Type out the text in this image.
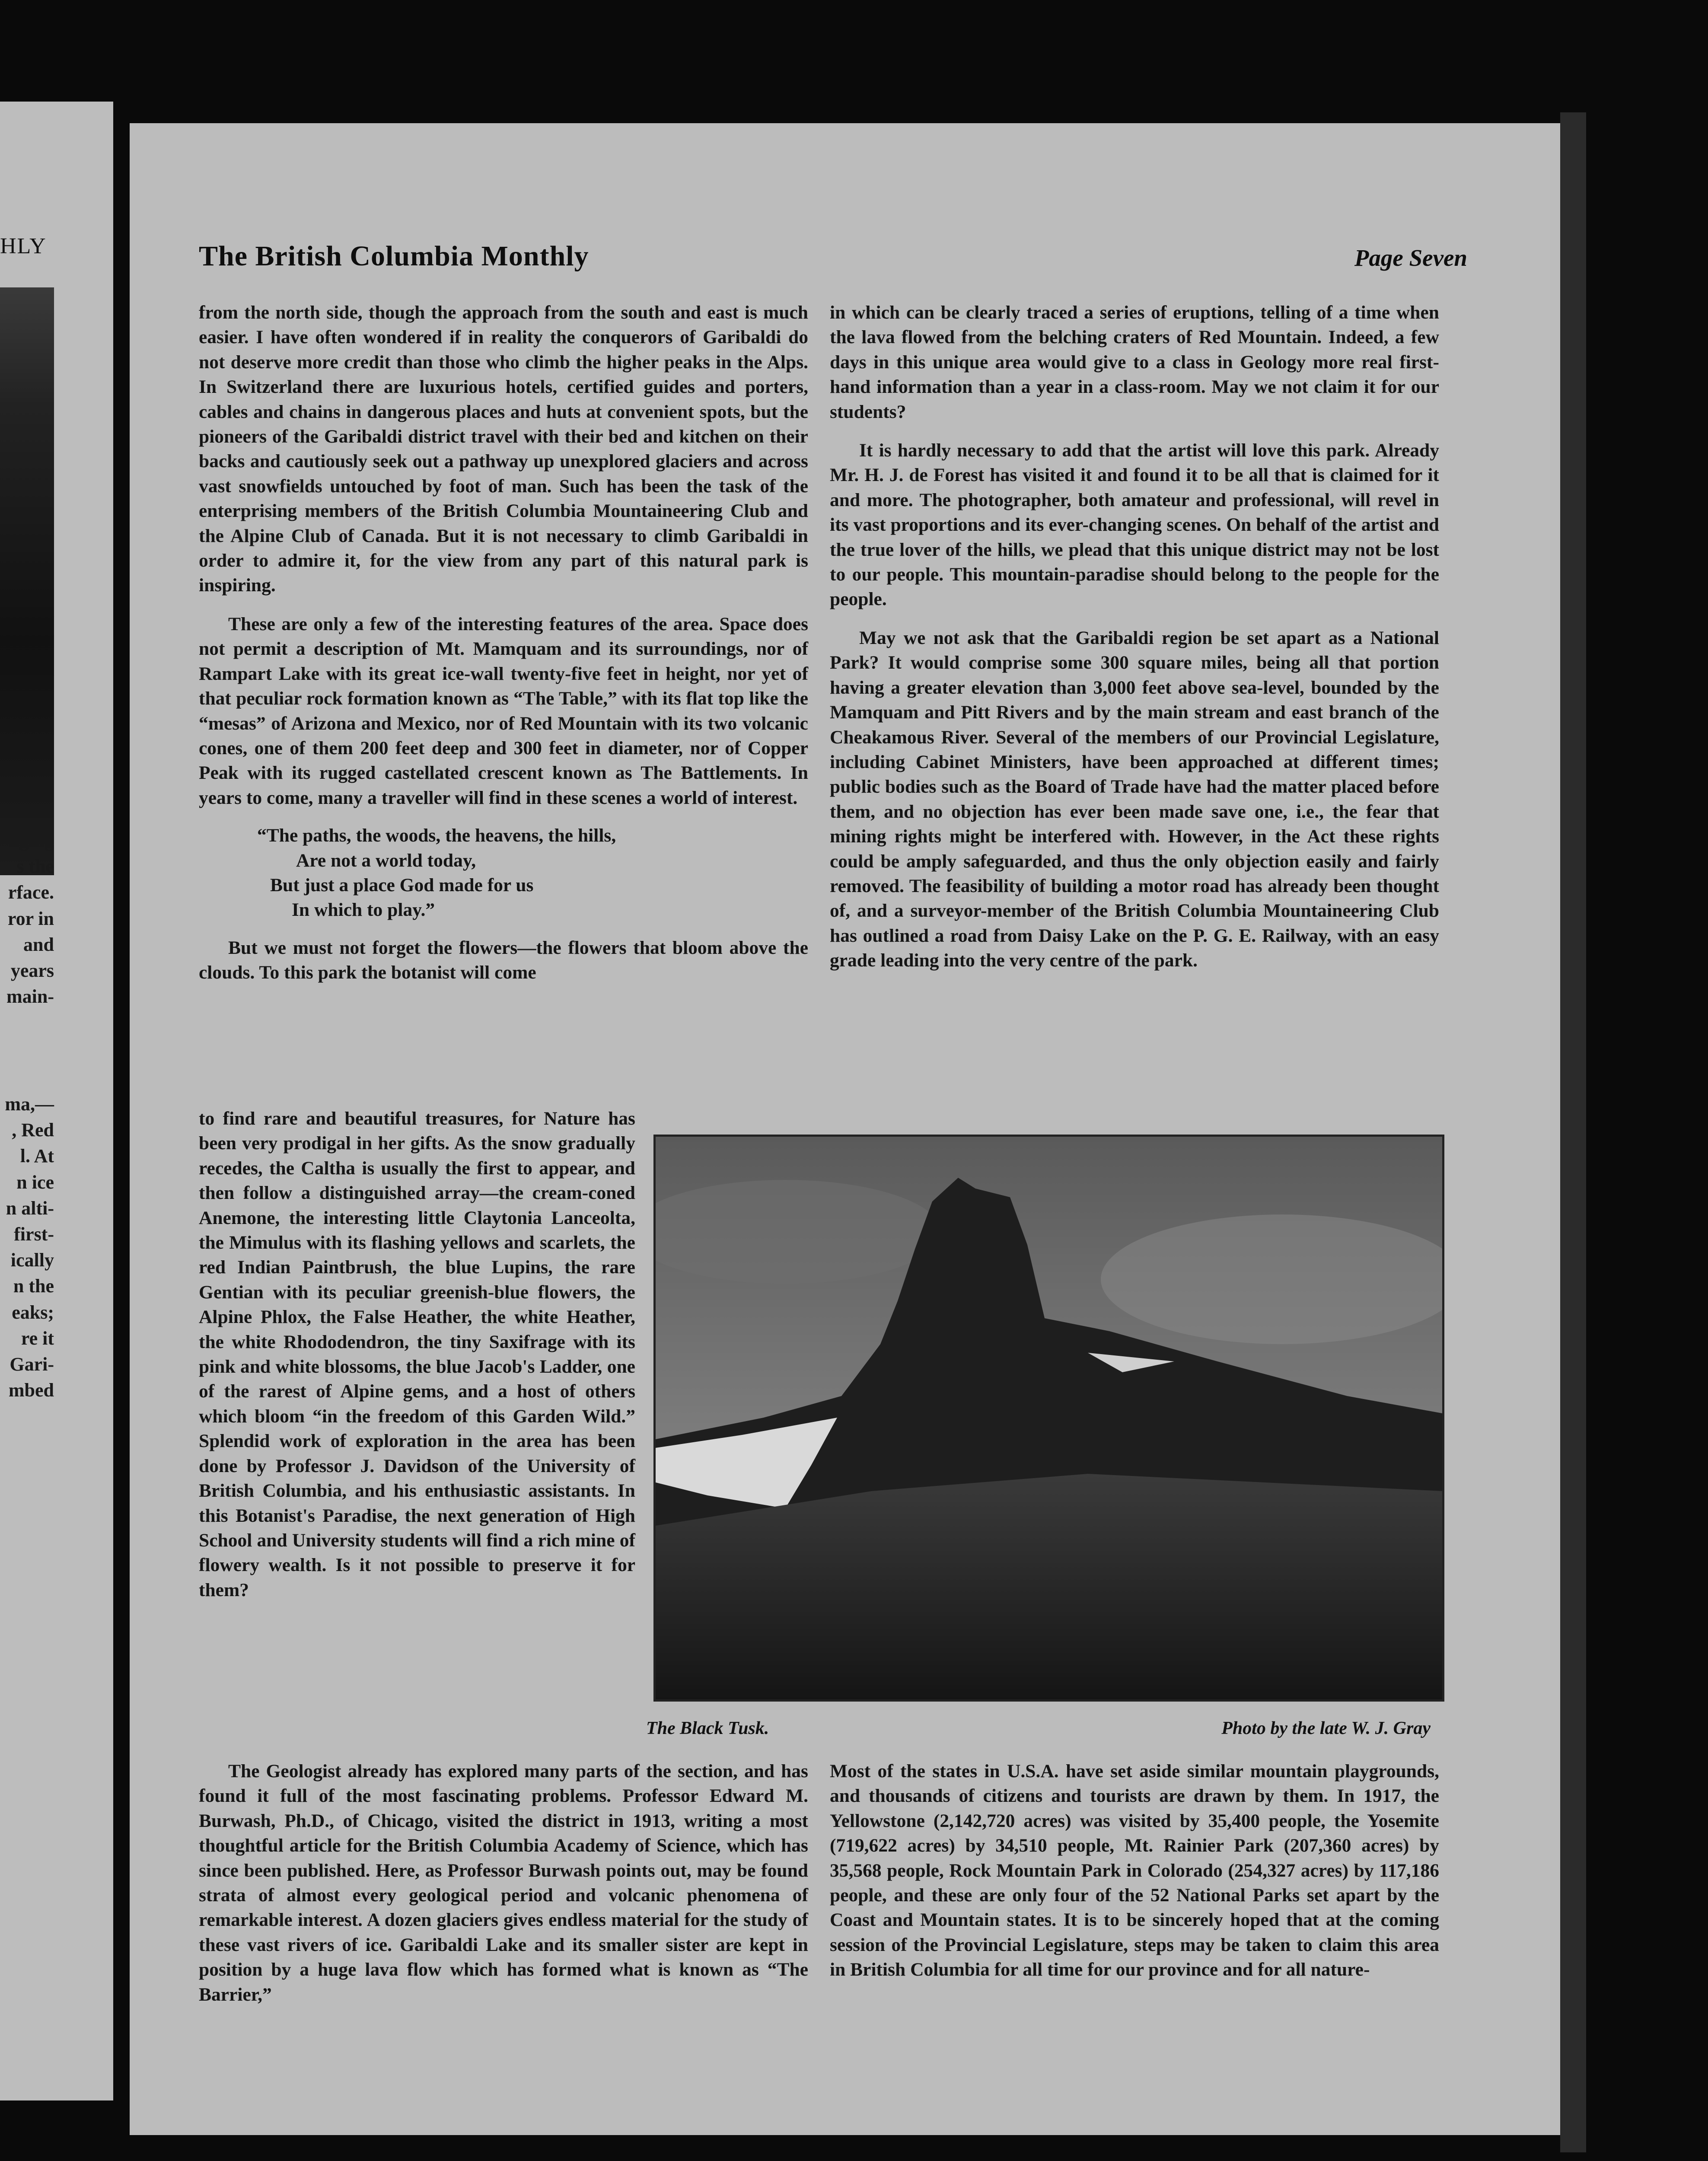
HLY
nging
s the
rface.
ror in
and
years
main-
ma,—
, Red
l. At
n ice
n alti-
first-
ically
n the
eaks;
re it
Gari-
mbed
The British Columbia Monthly	Page Seven

from the north side, though the approach from the south and east is much easier. I have often wondered if in reality the conquerors of Garibaldi do not deserve more credit than those who climb the higher peaks in the Alps. In Switzerland there are luxurious hotels, certified guides and porters, cables and chains in dangerous places and huts at convenient spots, but the pioneers of the Garibaldi district travel with their bed and kitchen on their backs and cautiously seek out a pathway up unexplored glaciers and across vast snowfields untouched by foot of man. Such has been the task of the enterprising members of the British Columbia Mountaineering Club and the Alpine Club of Canada. But it is not necessary to climb Garibaldi in order to admire it, for the view from any part of this natural park is inspiring.

These are only a few of the interesting features of the area. Space does not permit a description of Mt. Mamquam and its surroundings, nor of Rampart Lake with its great ice-wall twenty-five feet in height, nor yet of that peculiar rock formation known as “The Table,” with its flat top like the “mesas” of Arizona and Mexico, nor of Red Mountain with its two volcanic cones, one of them 200 feet deep and 300 feet in diameter, nor of Copper Peak with its rugged castellated crescent known as The Battlements. In years to come, many a traveller will find in these scenes a world of interest.

“The paths, the woods, the heavens, the hills,
Are not a world today,
But just a place God made for us
In which to play.”

But we must not forget the flowers—the flowers that bloom above the clouds. To this park the botanist will come

to find rare and beautiful treasures, for Nature has been very prodigal in her gifts. As the snow gradually recedes, the Caltha is usually the first to appear, and then follow a distinguished array—the cream-coned Anemone, the interesting little Claytonia Lanceolta, the Mimulus with its flashing yellows and scarlets, the red Indian Paintbrush, the blue Lupins, the rare Gentian with its peculiar greenish-blue flowers, the Alpine Phlox, the False Heather, the white Heather, the white Rhododendron, the tiny Saxifrage with its pink and white blossoms, the blue Jacob's Ladder, one of the rarest of Alpine gems, and a host of others which bloom “in the freedom of this Garden Wild.” Splendid work of exploration in the area has been done by Professor J. Davidson of the University of British Columbia, and his enthusiastic assistants. In this Botanist's Paradise, the next generation of High School and University students will find a rich mine of flowery wealth. Is it not possible to preserve it for them?

The Geologist already has explored many parts of the section, and has found it full of the most fascinating problems. Professor Edward M. Burwash, Ph.D., of Chicago, visited the district in 1913, writing a most thoughtful article for the British Columbia Academy of Science, which has since been published. Here, as Professor Burwash points out, may be found strata of almost every geological period and volcanic phenomena of remarkable interest. A dozen glaciers gives endless material for the study of these vast rivers of ice. Garibaldi Lake and its smaller sister are kept in position by a huge lava flow which has formed what is known as “The Barrier,”

in which can be clearly traced a series of eruptions, telling of a time when the lava flowed from the belching craters of Red Mountain. Indeed, a few days in this unique area would give to a class in Geology more real first-hand information than a year in a class-room. May we not claim it for our students?

It is hardly necessary to add that the artist will love this park. Already Mr. H. J. de Forest has visited it and found it to be all that is claimed for it and more. The photographer, both amateur and professional, will revel in its vast proportions and its ever-changing scenes. On behalf of the artist and the true lover of the hills, we plead that this unique district may not be lost to our people. This mountain-paradise should belong to the people for the people.

May we not ask that the Garibaldi region be set apart as a National Park? It would comprise some 300 square miles, being all that portion having a greater elevation than 3,000 feet above sea-level, bounded by the Mamquam and Pitt Rivers and by the main stream and east branch of the Cheakamous River. Several of the members of our Provincial Legislature, including Cabinet Ministers, have been approached at different times; public bodies such as the Board of Trade have had the matter placed before them, and no objection has ever been made save one, i.e., the fear that mining rights might be interfered with. However, in the Act these rights could be amply safeguarded, and thus the only objection easily and fairly removed. The feasibility of building a motor road has already been thought of, and a surveyor-member of the British Columbia Mountaineering Club has outlined a road from Daisy Lake on the P. G. E. Railway, with an easy grade leading into the very centre of the park.

The Black Tusk.	Photo by the late W. J. Gray

Most of the states in U.S.A. have set aside similar mountain playgrounds, and thousands of citizens and tourists are drawn by them. In 1917, the Yellowstone (2,142,720 acres) was visited by 35,400 people, the Yosemite (719,622 acres) by 34,510 people, Mt. Rainier Park (207,360 acres) by 35,568 people, Rock Mountain Park in Colorado (254,327 acres) by 117,186 people, and these are only four of the 52 National Parks set apart by the Coast and Mountain states. It is to be sincerely hoped that at the coming session of the Provincial Legislature, steps may be taken to claim this area in British Columbia for all time for our province and for all nature-
